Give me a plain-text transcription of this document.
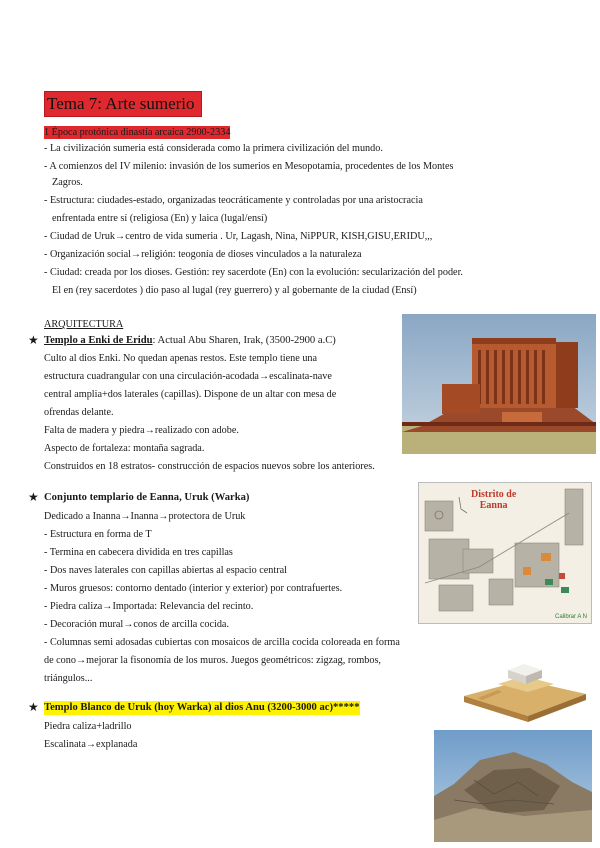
Tema 7: Arte sumerio
1 Época protónica dinastía arcaica 2900-2334
- La civilización sumeria está considerada como la primera civilización del mundo.
- A comienzos del IV milenio: invasión de los sumerios en Mesopotamia, procedentes de los Montes
Zagros.
- Estructura: ciudades-estado, organizadas teocráticamente y controladas por una aristocracia
enfrentada entre sí (religiosa (En) y laica (lugal/ensí)
- Ciudad de Uruk→centro de vida sumeria . Ur, Lagash, Nina, NiPPUR, KISH,GISU,ERIDU,,,
- Organización social→religión: teogonía de dioses vinculados a la naturaleza
- Ciudad: creada por los dioses. Gestión: rey sacerdote (En) con la evolución: secularización del poder.
El en (rey sacerdotes ) dio paso al lugal (rey guerrero) y al gobernante de la ciudad (Ensí)
ARQUITECTURA
★ Templo a Enki de Eridu: Actual Abu Sharen, Irak, (3500-2900 a.C)
Culto al dios Enki. No quedan apenas restos. Este templo tiene una
estructura cuadrangular con una circulación-acodada→escalinata-nave
central amplia+dos laterales (capillas). Dispone de un altar con mesa de
ofrendas delante.
Falta de madera y piedra→realizado con adobe.
Aspecto de fortaleza: montaña sagrada.
Construidos en 18 estratos- construcción de espacios nuevos sobre los anteriores.
★ Conjunto templario de Eanna, Uruk (Warka)
Dedicado a Inanna→Inanna→protectora de Uruk
- Estructura en forma de T
- Termina en cabecera dividida en tres capillas
- Dos naves laterales con capillas abiertas al espacio central
- Muros gruesos: contorno dentado (interior y exterior) por contrafuertes.
- Piedra caliza→Importada: Relevancia del recinto.
- Decoración mural→conos de arcilla cocida.
- Columnas semi adosadas cubiertas con mosaicos de arcilla cocida coloreada en forma
de cono→mejorar la fisonomía de los muros. Juegos geométricos: zigzag, rombos,
triángulos...
Distrito de
Eanna
Calibrar A N
★ Templo Blanco de Uruk (hoy Warka) al dios Anu (3200-3000 ac)*****
Piedra caliza+ladrillo
Escalinata→explanada
